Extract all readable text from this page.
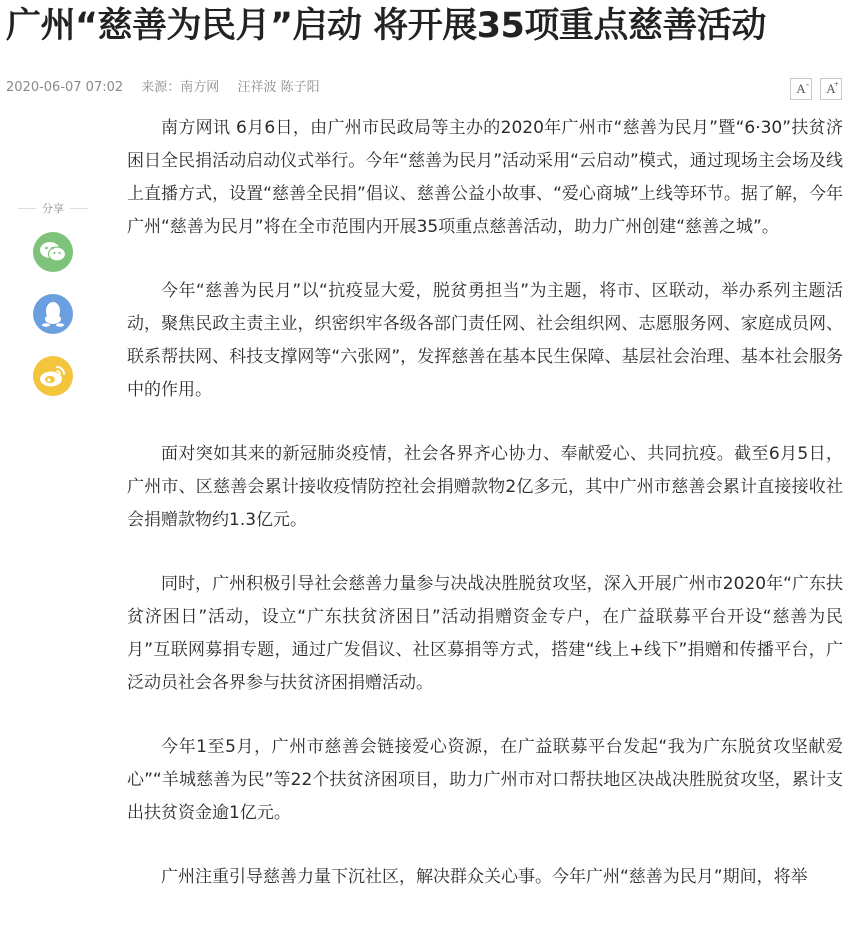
广州“慈善为民月”启动 将开展35项重点慈善活动
2020-06-07 07:02 来源：南方网 汪祥波 陈子阳	A- A
+
分享

南方网讯 6月6日，由广州市民政局等主办的2020年广州市“慈善为民月”暨“6·30”扶贫济困日全民捐活动启动仪式举行。今年“慈善为民月”活动采用“云启动”模式，通过现场主会场及线上直播方式，设置“慈善全民捐”倡议、慈善公益小故事、“爱心商城”上线等环节。据了解，今年广州“慈善为民月”将在全市范围内开展35项重点慈善活动，助力广州创建“慈善之城”。

今年“慈善为民月”以“抗疫显大爱，脱贫勇担当”为主题，将市、区联动，举办系列主题活动，聚焦民政主责主业，织密织牢各级各部门责任网、社会组织网、志愿服务网、家庭成员网、联系帮扶网、科技支撑网等“六张网”，发挥慈善在基本民生保障、基层社会治理、基本社会服务中的作用。

面对突如其来的新冠肺炎疫情，社会各界齐心协力、奉献爱心、共同抗疫。截至6月5日，广州市、区慈善会累计接收疫情防控社会捐赠款物2亿多元，其中广州市慈善会累计直接接收社会捐赠款物约1.3亿元。

同时，广州积极引导社会慈善力量参与决战决胜脱贫攻坚，深入开展广州市2020年“广东扶贫济困日”活动，设立“广东扶贫济困日”活动捐赠资金专户，在广益联募平台开设“慈善为民月”互联网募捐专题，通过广发倡议、社区募捐等方式，搭建“线上+线下”捐赠和传播平台，广泛动员社会各界参与扶贫济困捐赠活动。

今年1至5月，广州市慈善会链接爱心资源，在广益联募平台发起“我为广东脱贫攻坚献爱心”“羊城慈善为民”等22个扶贫济困项目，助力广州市对口帮扶地区决战决胜脱贫攻坚，累计支出扶贫资金逾1亿元。

广州注重引导慈善力量下沉社区，解决群众关心事。今年广州“慈善为民月”期间，将举
